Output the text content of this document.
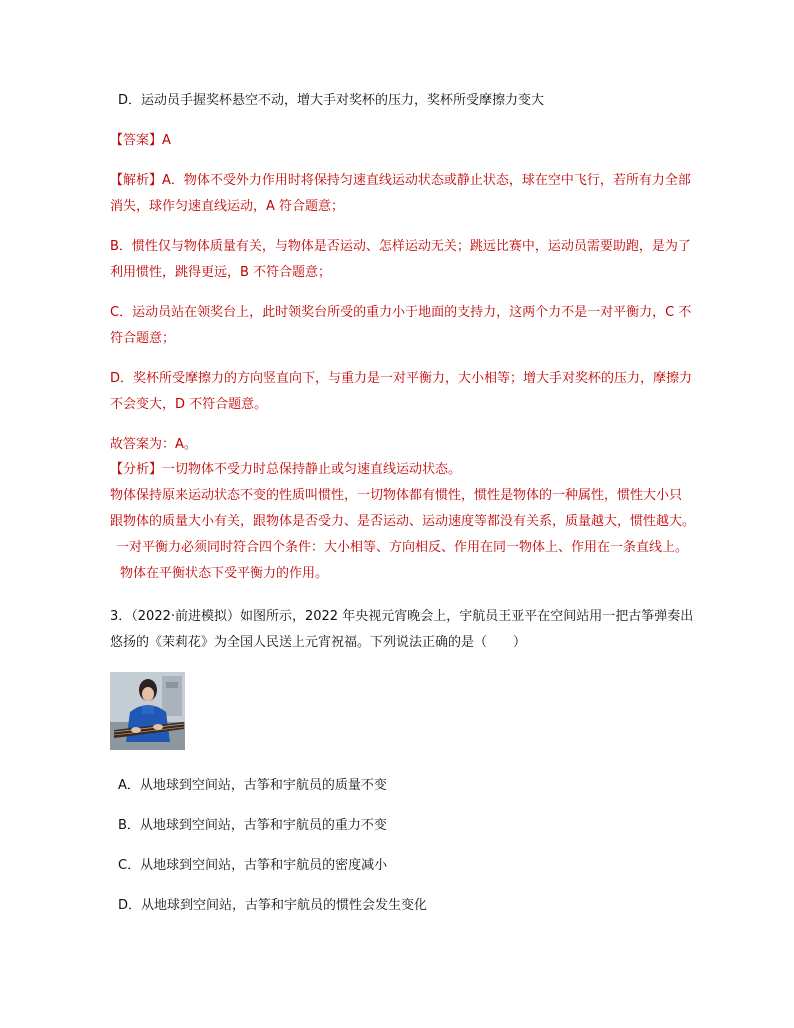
D．运动员手握奖杯悬空不动，增大手对奖杯的压力，奖杯所受摩擦力变大
【答案】A
【解析】A．物体不受外力作用时将保持匀速直线运动状态或静止状态，球在空中飞行，若所有力全部
消失，球作匀速直线运动，A 符合题意；
B．惯性仅与物体质量有关，与物体是否运动、怎样运动无关；跳远比赛中，运动员需要助跑，是为了
利用惯性，跳得更远，B 不符合题意；
C．运动员站在领奖台上，此时领奖台所受的重力小于地面的支持力，这两个力不是一对平衡力，C 不
符合题意；
D．奖杯所受摩擦力的方向竖直向下，与重力是一对平衡力，大小相等；增大手对奖杯的压力，摩擦力
不会变大，D 不符合题意。
故答案为：A。
【分析】一切物体不受力时总保持静止或匀速直线运动状态。
物体保持原来运动状态不变的性质叫惯性，一切物体都有惯性，惯性是物体的一种属性，惯性大小只
跟物体的质量大小有关，跟物体是否受力、是否运动、运动速度等都没有关系，质量越大，惯性越大。
一对平衡力必须同时符合四个条件：大小相等、方向相反、作用在同一物体上、作用在一条直线上。
物体在平衡状态下受平衡力的作用。
3．（2022·前进模拟）如图所示，2022 年央视元宵晚会上，宇航员王亚平在空间站用一把古筝弹奏出
悠扬的《茉莉花》为全国人民送上元宵祝福。下列说法正确的是（　　）
A．从地球到空间站，古筝和宇航员的质量不变
B．从地球到空间站，古筝和宇航员的重力不变
C．从地球到空间站，古筝和宇航员的密度减小
D．从地球到空间站，古筝和宇航员的惯性会发生变化
